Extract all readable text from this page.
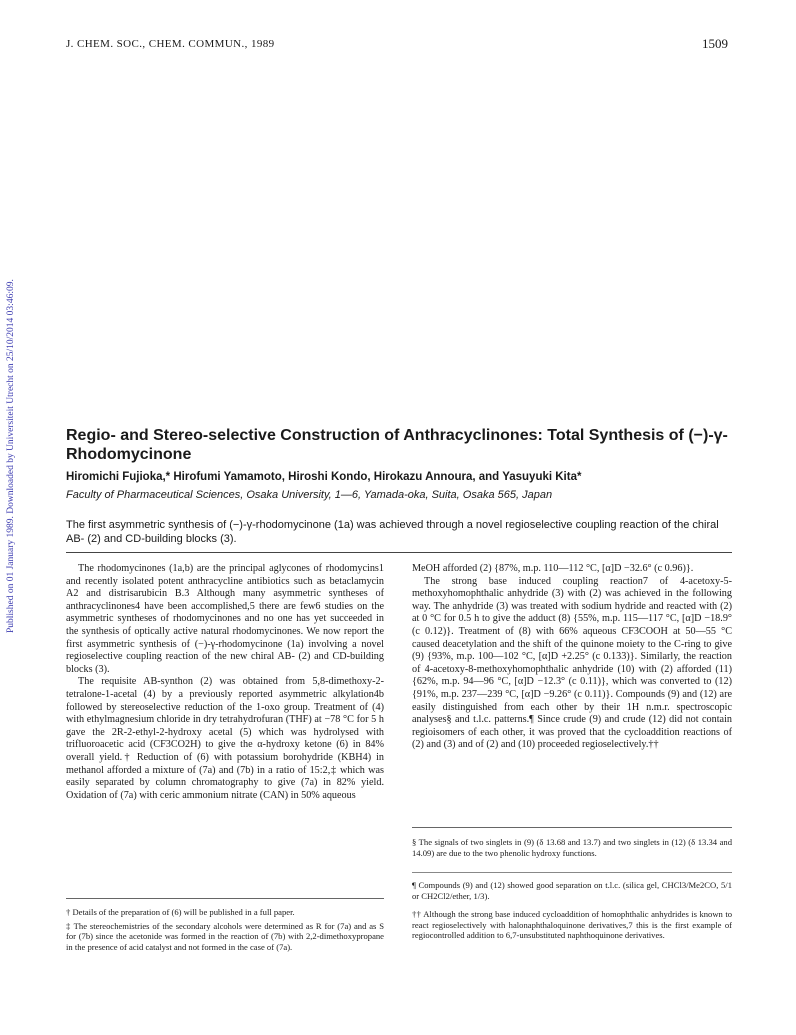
J. CHEM. SOC., CHEM. COMMUN., 1989	1509
Published on 01 January 1989. Downloaded by Universiteit Utrecht on 25/10/2014 03:46:09.	Regio- and Stereo-selective Construction of Anthracyclinones: Total Synthesis of (−)-γ-Rhodomycinone
Hiromichi Fujioka,* Hirofumi Yamamoto, Hiroshi Kondo, Hirokazu Annoura, and Yasuyuki Kita*
Faculty of Pharmaceutical Sciences, Osaka University, 1—6, Yamada-oka, Suita, Osaka 565, Japan
The first asymmetric synthesis of (−)-γ-rhodomycinone (1a) was achieved through a novel regioselective coupling reaction of the chiral AB- (2) and CD-building blocks (3).

The rhodomycinones (1a,b) are the principal aglycones of rhodomycins1 and recently isolated potent anthracycline antibiotics such as betaclamycin A2 and distrisarubicin B.3 Although many asymmetric syntheses of anthracyclinones4 have been accomplished,5 there are few6 studies on the asymmetric syntheses of rhodomycinones and no one has yet succeeded in the synthesis of optically active natural rhodomycinones. We now report the first asymmetric synthesis of (−)-γ-rhodomycinone (1a) involving a novel regioselective coupling reaction of the new chiral AB- (2) and CD-building blocks (3).

The requisite AB-synthon (2) was obtained from 5,8-dimethoxy-2-tetralone-1-acetal (4) by a previously reported asymmetric alkylation4b followed by stereoselective reduction of the 1-oxo group. Treatment of (4) with ethylmagnesium chloride in dry tetrahydrofuran (THF) at −78 °C for 5 h gave the 2R-2-ethyl-2-hydroxy acetal (5) which was hydrolysed with trifluoroacetic acid (CF3CO2H) to give the α-hydroxy ketone (6) in 84% overall yield.† Reduction of (6) with potassium borohydride (KBH4) in methanol afforded a mixture of (7a) and (7b) in a ratio of 15:2,‡ which was easily separated by column chromatography to give (7a) in 82% yield. Oxidation of (7a) with ceric ammonium nitrate (CAN) in 50% aqueous

MeOH afforded (2) {87%, m.p. 110—112 °C, [α]D −32.6° (c 0.96)}.

The strong base induced coupling reaction7 of 4-acetoxy-5-methoxyhomophthalic anhydride (3) with (2) was achieved in the following way. The anhydride (3) was treated with sodium hydride and reacted with (2) at 0 °C for 0.5 h to give the adduct (8) {55%, m.p. 115—117 °C, [α]D −18.9° (c 0.12)}. Treatment of (8) with 66% aqueous CF3COOH at 50—55 °C caused deacetylation and the shift of the quinone moiety to the C-ring to give (9) {93%, m.p. 100—102 °C, [α]D +2.25° (c 0.133)}. Similarly, the reaction of 4-acetoxy-8-methoxyhomophthalic anhydride (10) with (2) afforded (11) {62%, m.p. 94—96 °C, [α]D −12.3° (c 0.11)}, which was converted to (12) {91%, m.p. 237—239 °C, [α]D −9.26° (c 0.11)}. Compounds (9) and (12) are easily distinguished from each other by their 1H n.m.r. spectroscopic analyses§ and t.l.c. patterns.¶ Since crude (9) and crude (12) did not contain regioisomers of each other, it was proved that the cycloaddition reactions of (2) and (3) and of (2) and (10) proceeded regioselectively.††

† Details of the preparation of (6) will be published in a full paper.

‡ The stereochemistries of the secondary alcohols were determined as R for (7a) and as S for (7b) since the acetonide was formed in the reaction of (7b) with 2,2-dimethoxypropane in the presence of acid catalyst and not formed in the case of (7a).

§ The signals of two singlets in (9) (δ 13.68 and 13.7) and two singlets in (12) (δ 13.34 and 14.09) are due to the two phenolic hydroxy functions.
¶ Compounds (9) and (12) showed good separation on t.l.c. (silica gel, CHCl3/Me2CO, 5/1 or CH2Cl2/ether, 1/3).
†† Although the strong base induced cycloaddition of homophthalic anhydrides is known to react regioselectively with halonaphthaloquinone derivatives,7 this is the first example of regiocontrolled addition to 6,7-unsubstituted naphthoquinone derivatives.
